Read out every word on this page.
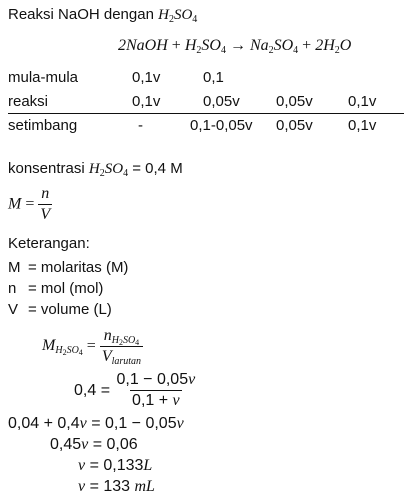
Reaksi NaOH dengan $H_2SO_4$
2NaOH + $H_2SO_4 \to Na_2SO_4 + 2H_2O$
mula-mula	0,1v	0,1
reaksi	0,1v	0,05v 0,05v 0,1v
setimbang	-	0,1-0,05v 0,05v 0,1v
konsentrasi $H_2SO_4 = 0,4$ M
$M = \frac{n}{V}$
Keterangan:
M = molaritas (M)
n = mol (mol)
V = volume (L)
$M_{H_2SO_4} = \frac{n_{H_2SO_4}}{V_{larutan}}$
$0,4 = \frac{0,1 - 0,05v}{0,1 + v}$
0,04 + 0,4v = 0,1 − 0,05v
0,45v = 0,06
v = 0,133L
v = 133 mL
